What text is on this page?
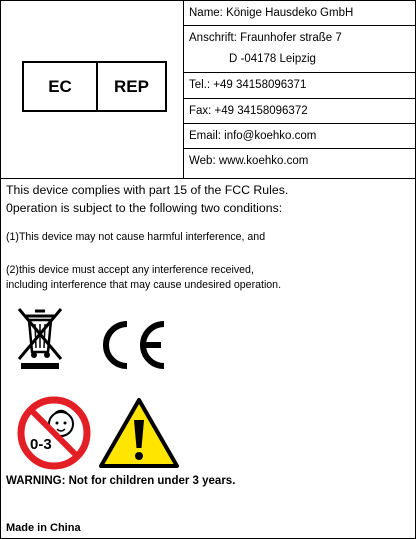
EC	REP
Name: Könige Hausdeko GmbH
Anschrift: Fraunhofer straße 7
D -04178 Leipzig
Tel.: +49 34158096371
Fax: +49 34158096372
Email: info@koehko.com
Web: www.koehko.com
This device complies with part 15 of the FCC Rules.
0peration is subject to the following two conditions:
(1)This device may not cause harmful interference, and
(2)this device must accept any interference received,
including interference that may cause undesired operation.
0-3
WARNING: Not for children under 3 years.
Made in China
